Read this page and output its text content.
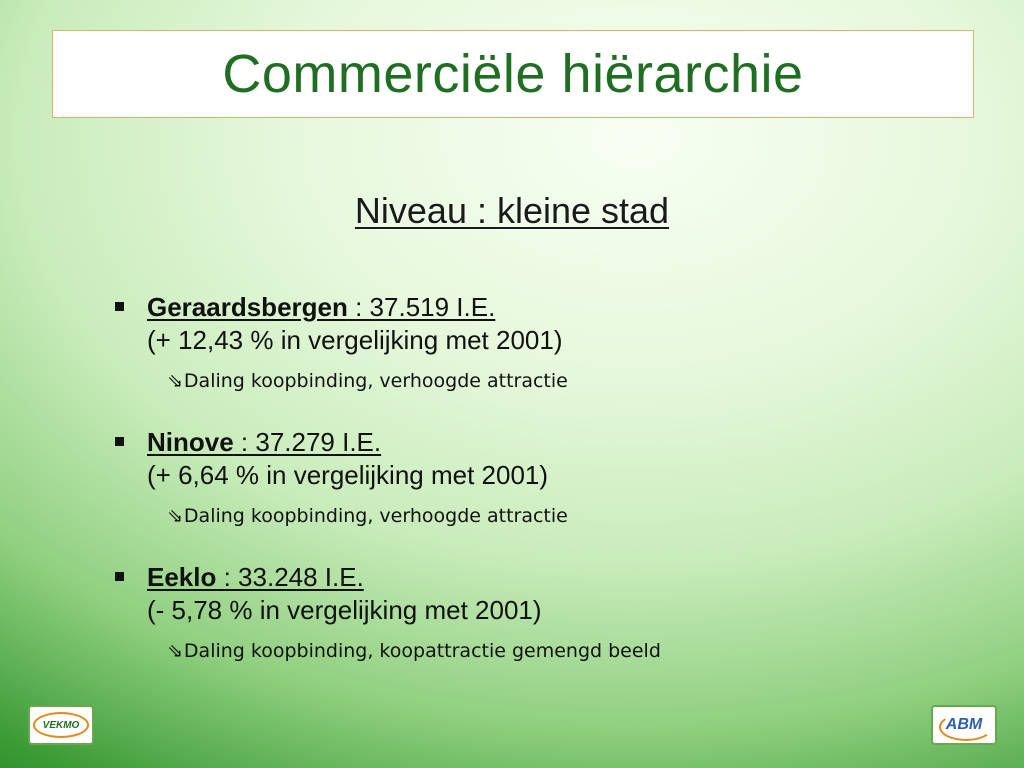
Commerciële hiërarchie
Niveau : kleine stad
Geraardsbergen : 37.519 I.E.
(+ 12,43 % in vergelijking met 2001)
⇘ Daling koopbinding, verhoogde attractie
Ninove : 37.279 I.E.
(+ 6,64 % in vergelijking met 2001)
⇘ Daling koopbinding, verhoogde attractie
Eeklo : 33.248 I.E.
(- 5,78 % in vergelijking met 2001)
⇘ Daling koopbinding, koopattractie gemengd beeld
VEKMO	ABM
